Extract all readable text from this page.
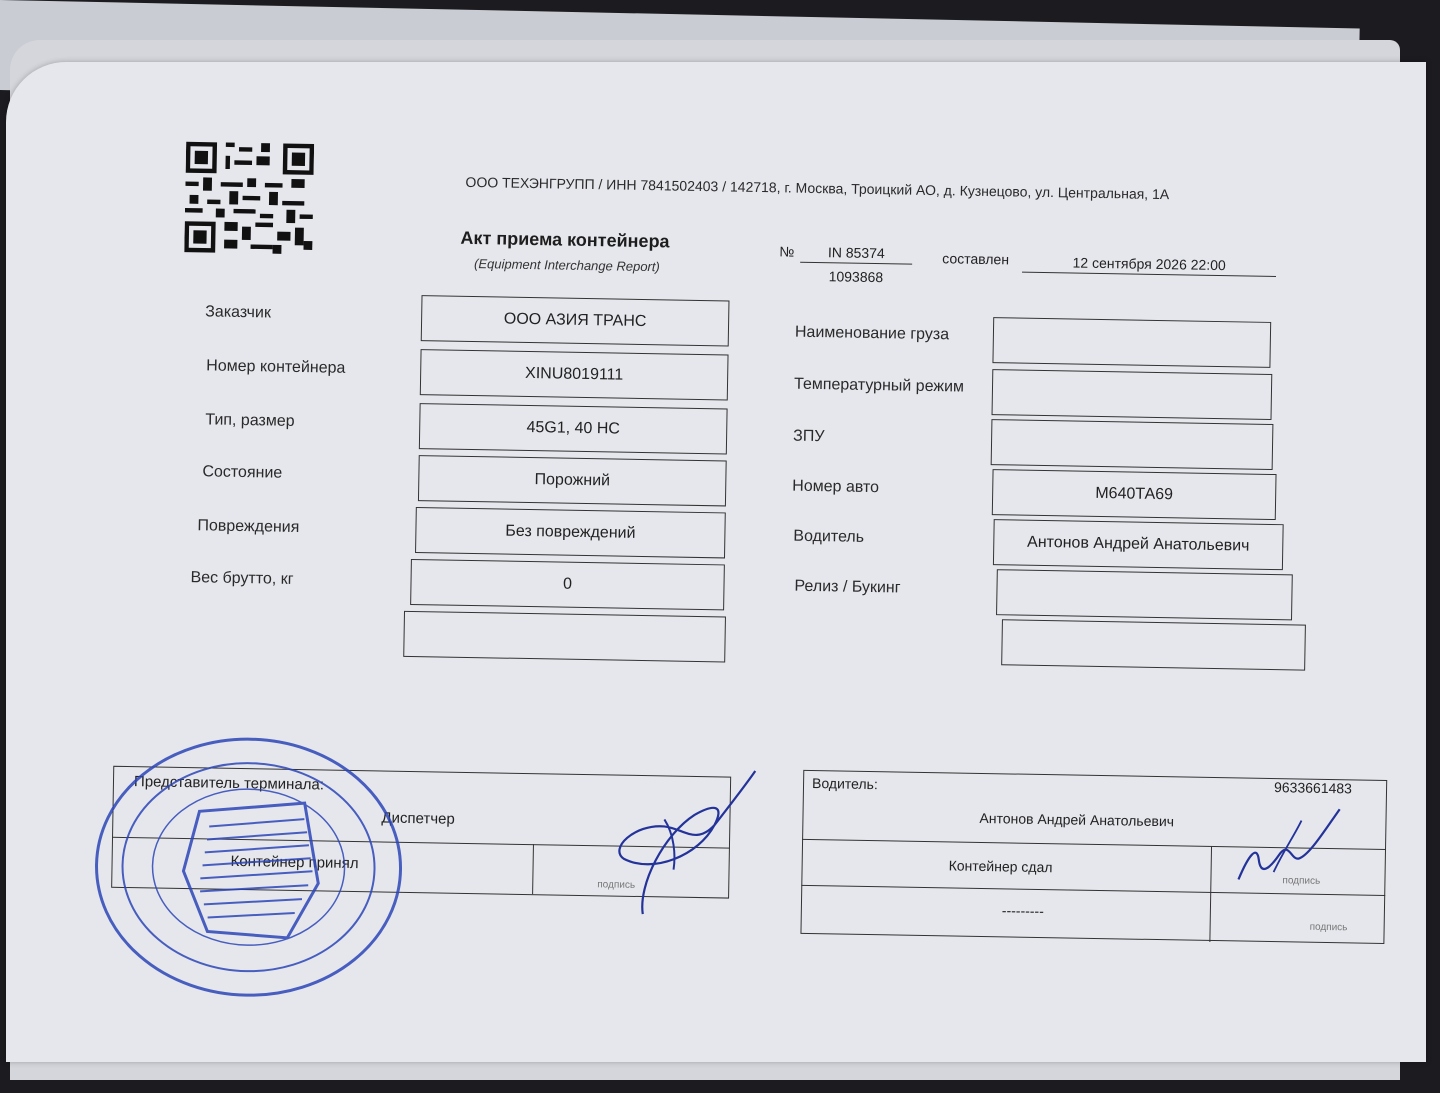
ООО ТЕХЭНГРУПП / ИНН 7841502403 / 142718, г. Москва, Троицкий АО, д. Кузнецово, ул. Центральная, 1А
Акт приема контейнера
(Equipment Interchange Report)
№	IN 85374
1093868
составлен	12 сентября 2026 22:00
Заказчик	ООО АЗИЯ ТРАНС
Номер контейнера	XINU8019111
Тип, размер	45G1, 40 HC
Состояние	Порожний
Повреждения	Без повреждений
Вес брутто, кг	0
Наименование груза
Температурный режим
ЗПУ
Номер авто	М640ТА69
Водитель	Антонов Андрей Анатольевич
Релиз / Букинг
Представитель терминала:
Диспетчер
Контейнер принял
подпись
Водитель:	9633661483
Антонов Андрей Анатольевич
Контейнер сдал
---------
подпись
подпись
